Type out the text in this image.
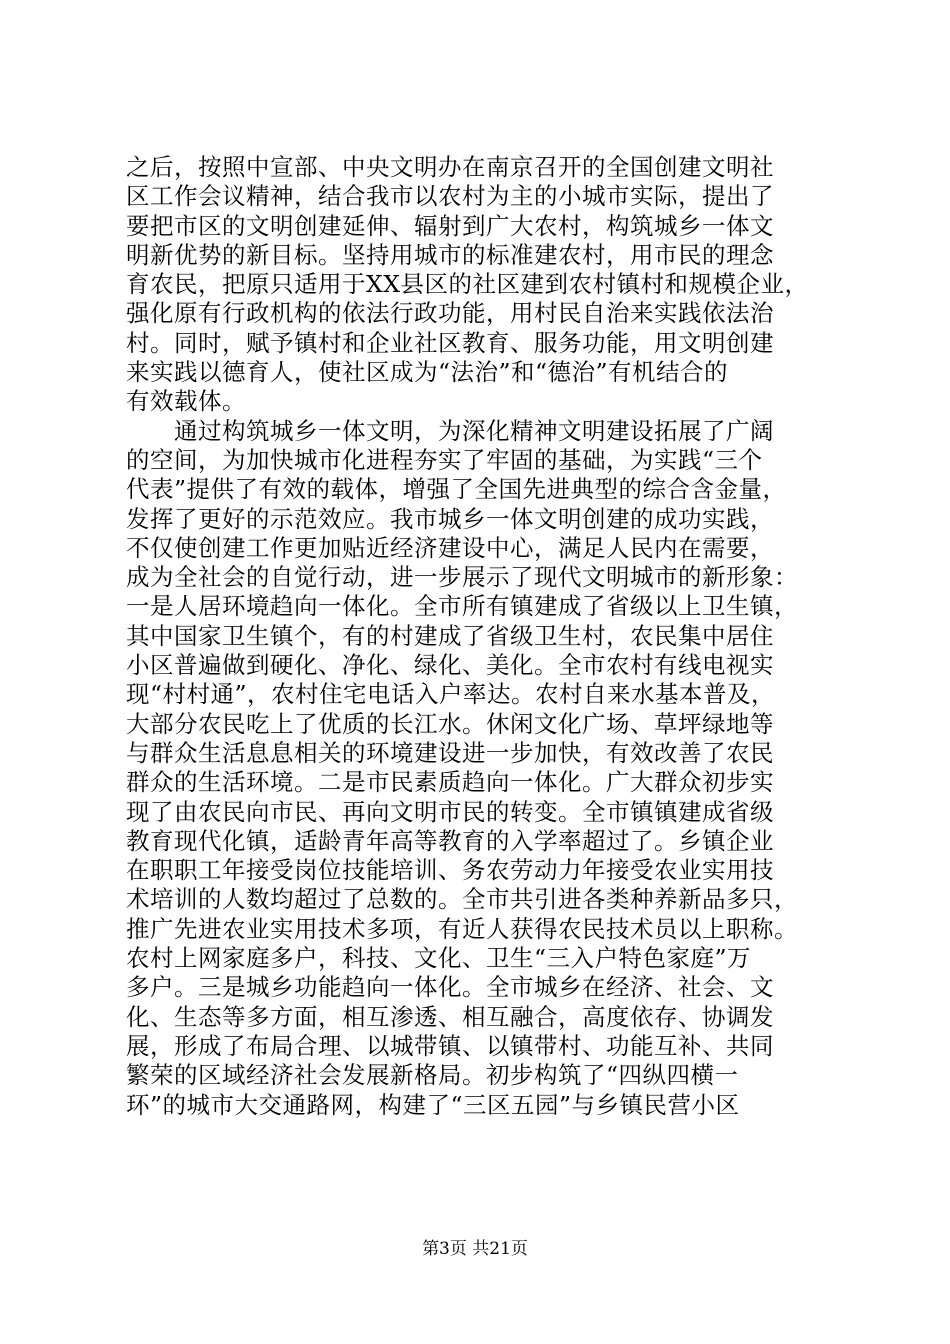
之后，按照中宣部、中央文明办在南京召开的全国创建文明社
区工作会议精神，结合我市以农村为主的小城市实际，提出了
要把市区的文明创建延伸、辐射到广大农村，构筑城乡一体文
明新优势的新目标。坚持用城市的标准建农村，用市民的理念
育农民，把原只适用于XX县区的社区建到农村镇村和规模企业，
强化原有行政机构的依法行政功能，用村民自治来实践依法治
村。同时，赋予镇村和企业社区教育、服务功能，用文明创建
来实践以德育人，使社区成为“法治”和“德治”有机结合的
有效载体。
　　通过构筑城乡一体文明，为深化精神文明建设拓展了广阔
的空间，为加快城市化进程夯实了牢固的基础，为实践“三个
代表”提供了有效的载体，增强了全国先进典型的综合含金量，
发挥了更好的示范效应。我市城乡一体文明创建的成功实践，
不仅使创建工作更加贴近经济建设中心，满足人民内在需要，
成为全社会的自觉行动，进一步展示了现代文明城市的新形象：
一是人居环境趋向一体化。全市所有镇建成了省级以上卫生镇，
其中国家卫生镇个，有的村建成了省级卫生村，农民集中居住
小区普遍做到硬化、净化、绿化、美化。全市农村有线电视实
现“村村通”，农村住宅电话入户率达。农村自来水基本普及，
大部分农民吃上了优质的长江水。休闲文化广场、草坪绿地等
与群众生活息息相关的环境建设进一步加快，有效改善了农民
群众的生活环境。二是市民素质趋向一体化。广大群众初步实
现了由农民向市民、再向文明市民的转变。全市镇镇建成省级
教育现代化镇，适龄青年高等教育的入学率超过了。乡镇企业
在职职工年接受岗位技能培训、务农劳动力年接受农业实用技
术培训的人数均超过了总数的。全市共引进各类种养新品多只，
推广先进农业实用技术多项，有近人获得农民技术员以上职称。
农村上网家庭多户，科技、文化、卫生“三入户特色家庭”万
多户。三是城乡功能趋向一体化。全市城乡在经济、社会、文
化、生态等多方面，相互渗透、相互融合，高度依存、协调发
展，形成了布局合理、以城带镇、以镇带村、功能互补、共同
繁荣的区域经济社会发展新格局。初步构筑了“四纵四横一
环”的城市大交通路网，构建了“三区五园”与乡镇民营小区
第3页 共21页
